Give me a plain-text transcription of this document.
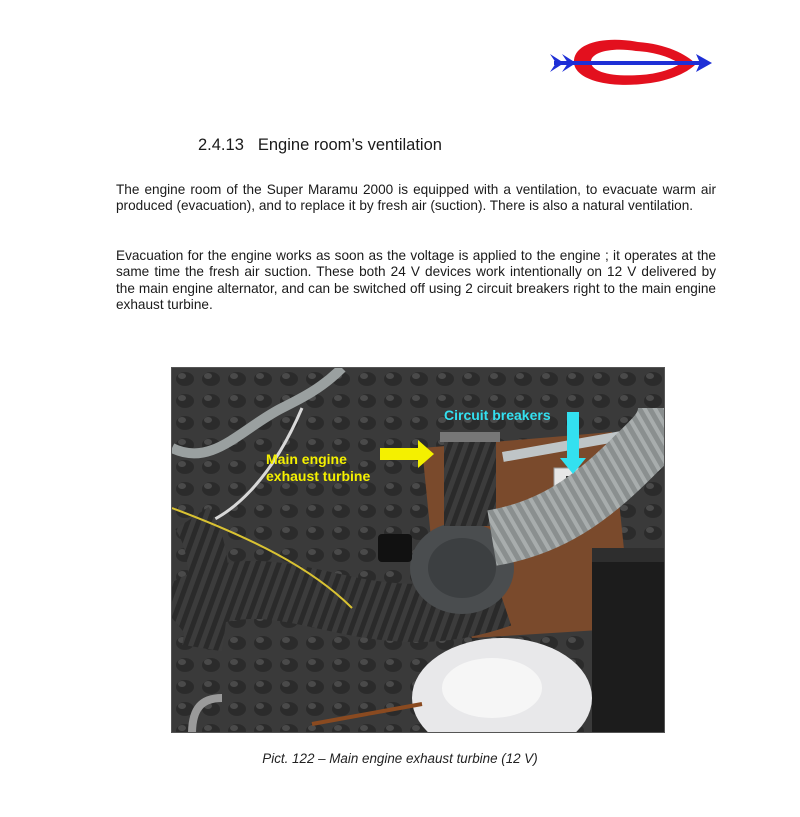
2.4.13 Engine room’s ventilation

The engine room of the Super Maramu 2000 is equipped with a ventilation, to evacuate warm air produced (evacuation), and to replace it by fresh air (suction). There is also a natural ventilation.

Evacuation for the engine works as soon as the voltage is applied to the engine ; it operates at the same time the fresh air suction. These both 24 V devices work intentionally on 12 V delivered by the main engine alternator, and can be switched off using 2 circuit breakers right to the main engine exhaust turbine.

Main engine
exhaust turbine
Circuit breakers

Pict. 122 – Main engine exhaust turbine (12 V)
